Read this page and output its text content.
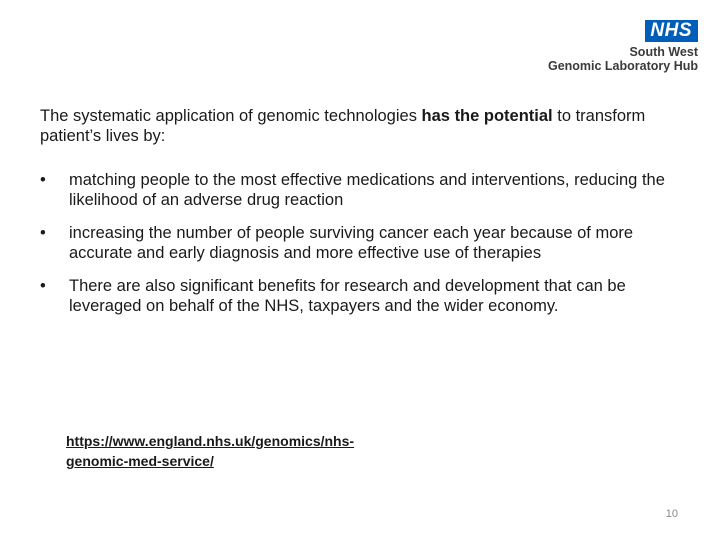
NHS
South West
Genomic Laboratory Hub
The systematic application of genomic technologies has the potential to transform patient’s lives by:
• matching people to the most effective medications and interventions, reducing the likelihood of an adverse drug reaction
• increasing the number of people surviving cancer each year because of more accurate and early diagnosis and more effective use of therapies
• There are also significant benefits for research and development that can be leveraged on behalf of the NHS, taxpayers and the wider economy.
https://www.england.nhs.uk/genomics/nhs-
genomic-med-service/
10
